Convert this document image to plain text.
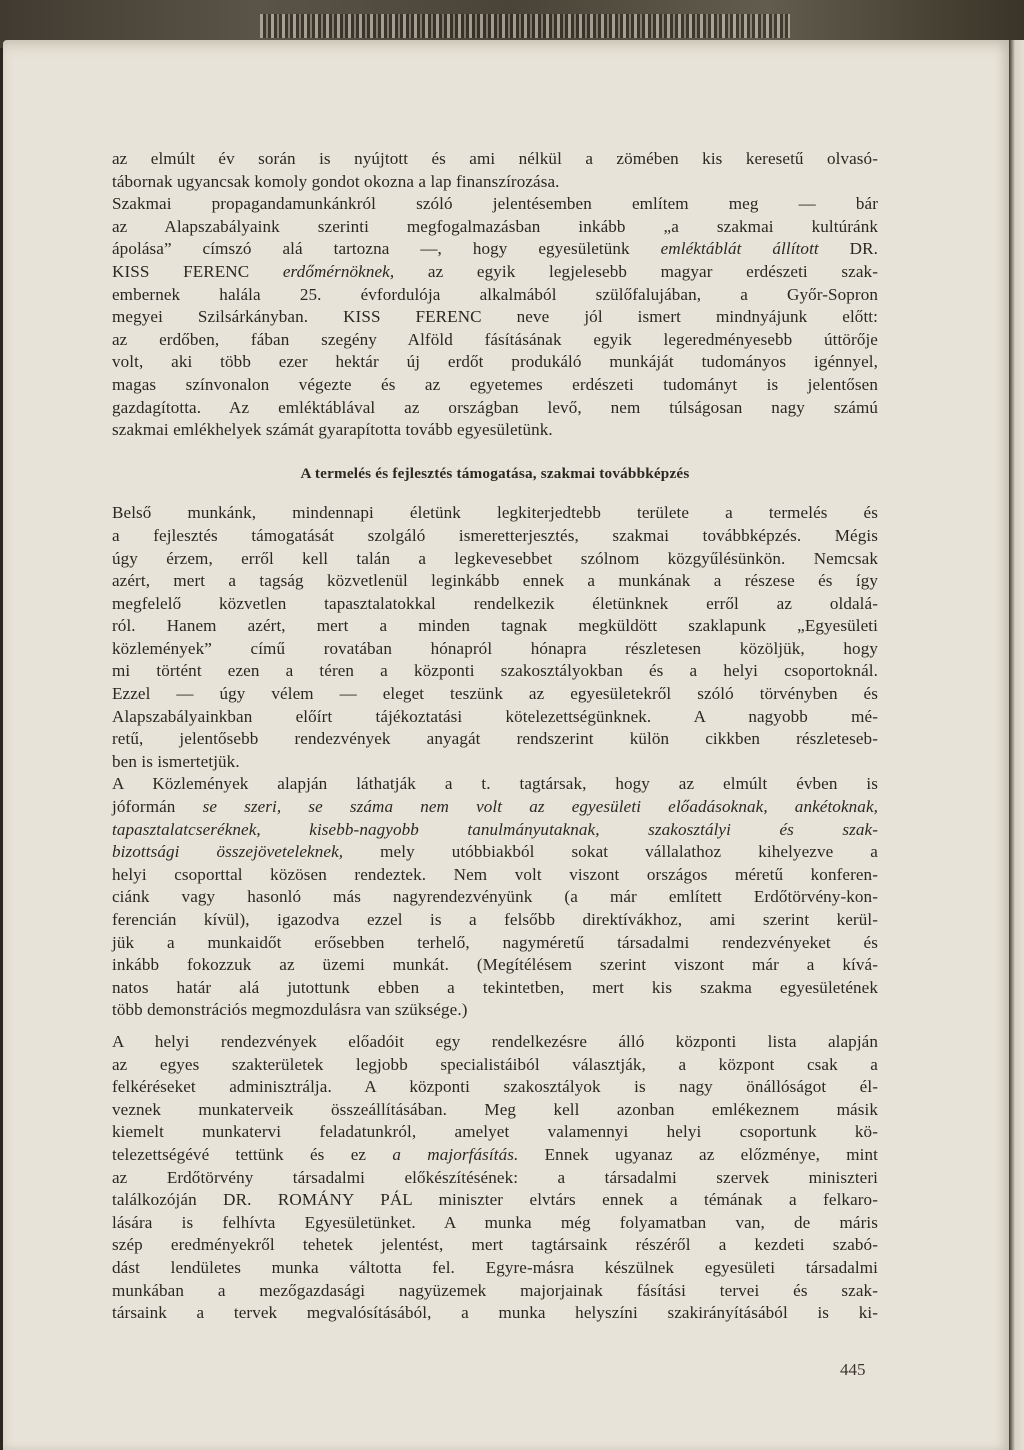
az elmúlt év során is nyújtott és ami nélkül a zömében kis keresetű olvasó-
tábornak ugyancsak komoly gondot okozna a lap finanszírozása.
Szakmai propagandamunkánkról szóló jelentésemben említem meg — bár
az Alapszabályaink szerinti megfogalmazásban inkább „a szakmai kultúránk
ápolása” címszó alá tartozna —, hogy egyesületünk emléktáblát állított DR.
KISS FERENC erdőmérnöknek, az egyik legjelesebb magyar erdészeti szak-
embernek halála 25. évfordulója alkalmából szülőfalujában, a Győr-Sopron
megyei Szilsárkányban. KISS FERENC neve jól ismert mindnyájunk előtt:
az erdőben, fában szegény Alföld fásításának egyik legeredményesebb úttörője
volt, aki több ezer hektár új erdőt produkáló munkáját tudományos igénnyel,
magas színvonalon végezte és az egyetemes erdészeti tudományt is jelentősen
gazdagította. Az emléktáblával az országban levő, nem túlságosan nagy számú
szakmai emlékhelyek számát gyarapította tovább egyesületünk.
A termelés és fejlesztés támogatása, szakmai továbbképzés
Belső munkánk, mindennapi életünk legkiterjedtebb területe a termelés és
a fejlesztés támogatását szolgáló ismeretterjesztés, szakmai továbbképzés. Mégis
úgy érzem, erről kell talán a legkevesebbet szólnom közgyűlésünkön. Nemcsak
azért, mert a tagság közvetlenül leginkább ennek a munkának a részese és így
megfelelő közvetlen tapasztalatokkal rendelkezik életünknek erről az oldalá-
ról. Hanem azért, mert a minden tagnak megküldött szaklapunk „Egyesületi
közlemények” című rovatában hónapról hónapra részletesen közöljük, hogy
mi történt ezen a téren a központi szakosztályokban és a helyi csoportoknál.
Ezzel — úgy vélem — eleget teszünk az egyesületekről szóló törvényben és
Alapszabályainkban előírt tájékoztatási kötelezettségünknek. A nagyobb mé-
retű, jelentősebb rendezvények anyagát rendszerint külön cikkben részleteseb-
ben is ismertetjük.
A Közlemények alapján láthatják a t. tagtársak, hogy az elmúlt évben is
jóformán se szeri, se száma nem volt az egyesületi előadásoknak, ankétoknak,
tapasztalatcseréknek, kisebb-nagyobb tanulmányutaknak, szakosztályi és szak-
bizottsági összejöveteleknek, mely utóbbiakból sokat vállalathoz kihelyezve a
helyi csoporttal közösen rendeztek. Nem volt viszont országos méretű konferen-
ciánk vagy hasonló más nagyrendezvényünk (a már említett Erdőtörvény-kon-
ferencián kívül), igazodva ezzel is a felsőbb direktívákhoz, ami szerint kerül-
jük a munkaidőt erősebben terhelő, nagyméretű társadalmi rendezvényeket és
inkább fokozzuk az üzemi munkát. (Megítélésem szerint viszont már a kívá-
natos határ alá jutottunk ebben a tekintetben, mert kis szakma egyesületének
több demonstrációs megmozdulásra van szüksége.)
A helyi rendezvények előadóit egy rendelkezésre álló központi lista alapján
az egyes szakterületek legjobb specialistáiból választják, a központ csak a
felkéréseket adminisztrálja. A központi szakosztályok is nagy önállóságot él-
veznek munkaterveik összeállításában. Meg kell azonban emlékeznem másik
kiemelt munkatervi feladatunkról, amelyet valamennyi helyi csoportunk kö-
telezettségévé tettünk és ez a majorfásítás. Ennek ugyanaz az előzménye, mint
az Erdőtörvény társadalmi előkészítésének: a társadalmi szervek miniszteri
találkozóján DR. ROMÁNY PÁL miniszter elvtárs ennek a témának a felkaro-
lására is felhívta Egyesületünket. A munka még folyamatban van, de máris
szép eredményekről tehetek jelentést, mert tagtársaink részéről a kezdeti szabó-
dást lendületes munka váltotta fel. Egyre-másra készülnek egyesületi társadalmi
munkában a mezőgazdasági nagyüzemek majorjainak fásítási tervei és szak-
társaink a tervek megvalósításából, a munka helyszíni szakirányításából is ki-
445
